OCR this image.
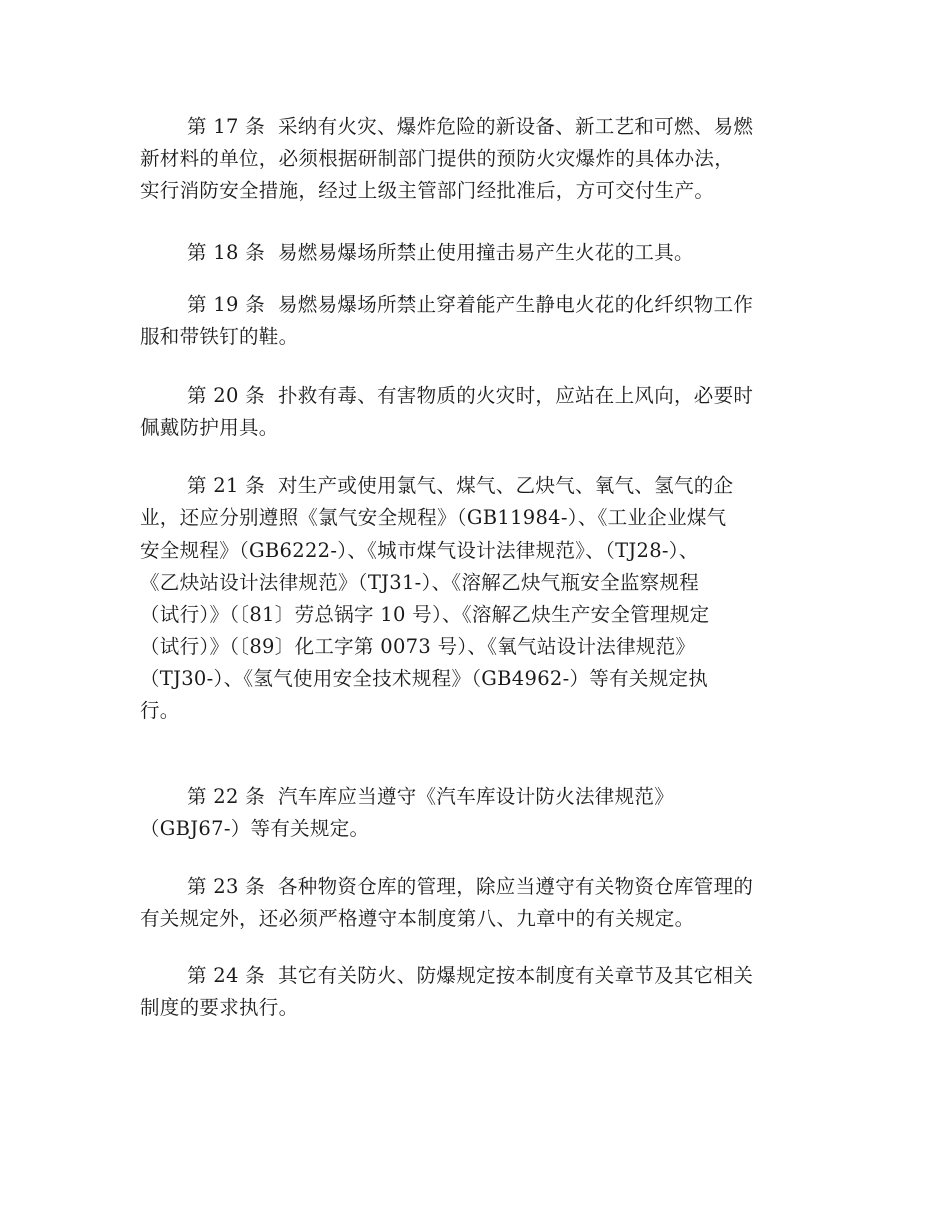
第 17 条  采纳有火灾、爆炸危险的新设备、新工艺和可燃、易燃
新材料的单位，必须根据研制部门提供的预防火灾爆炸的具体办法，
实行消防安全措施，经过上级主管部门经批准后，方可交付生产。
第 18 条  易燃易爆场所禁止使用撞击易产生火花的工具。
第 19 条  易燃易爆场所禁止穿着能产生静电火花的化纤织物工作
服和带铁钉的鞋。
第 20 条  扑救有毒、有害物质的火灾时，应站在上风向，必要时
佩戴防护用具。
第 21 条  对生产或使用氯气、煤气、乙炔气、氧气、氢气的企
业，还应分别遵照《氯气安全规程》（GB11984-）、《工业企业煤气
安全规程》（GB6222-）、《城市煤气设计法律规范》、（TJ28-）、
《乙炔站设计法律规范》（TJ31-）、《溶解乙炔气瓶安全监察规程
（试行）》（〔81〕劳总锅字 10 号）、《溶解乙炔生产安全管理规定
（试行）》（〔89〕化工字第 0073 号）、《氧气站设计法律规范》
（TJ30-）、《氢气使用安全技术规程》（GB4962-）等有关规定执
行。
第 22 条  汽车库应当遵守《汽车库设计防火法律规范》
（GBJ67-）等有关规定。
第 23 条  各种物资仓库的管理，除应当遵守有关物资仓库管理的
有关规定外，还必须严格遵守本制度第八、九章中的有关规定。
第 24 条  其它有关防火、防爆规定按本制度有关章节及其它相关
制度的要求执行。
